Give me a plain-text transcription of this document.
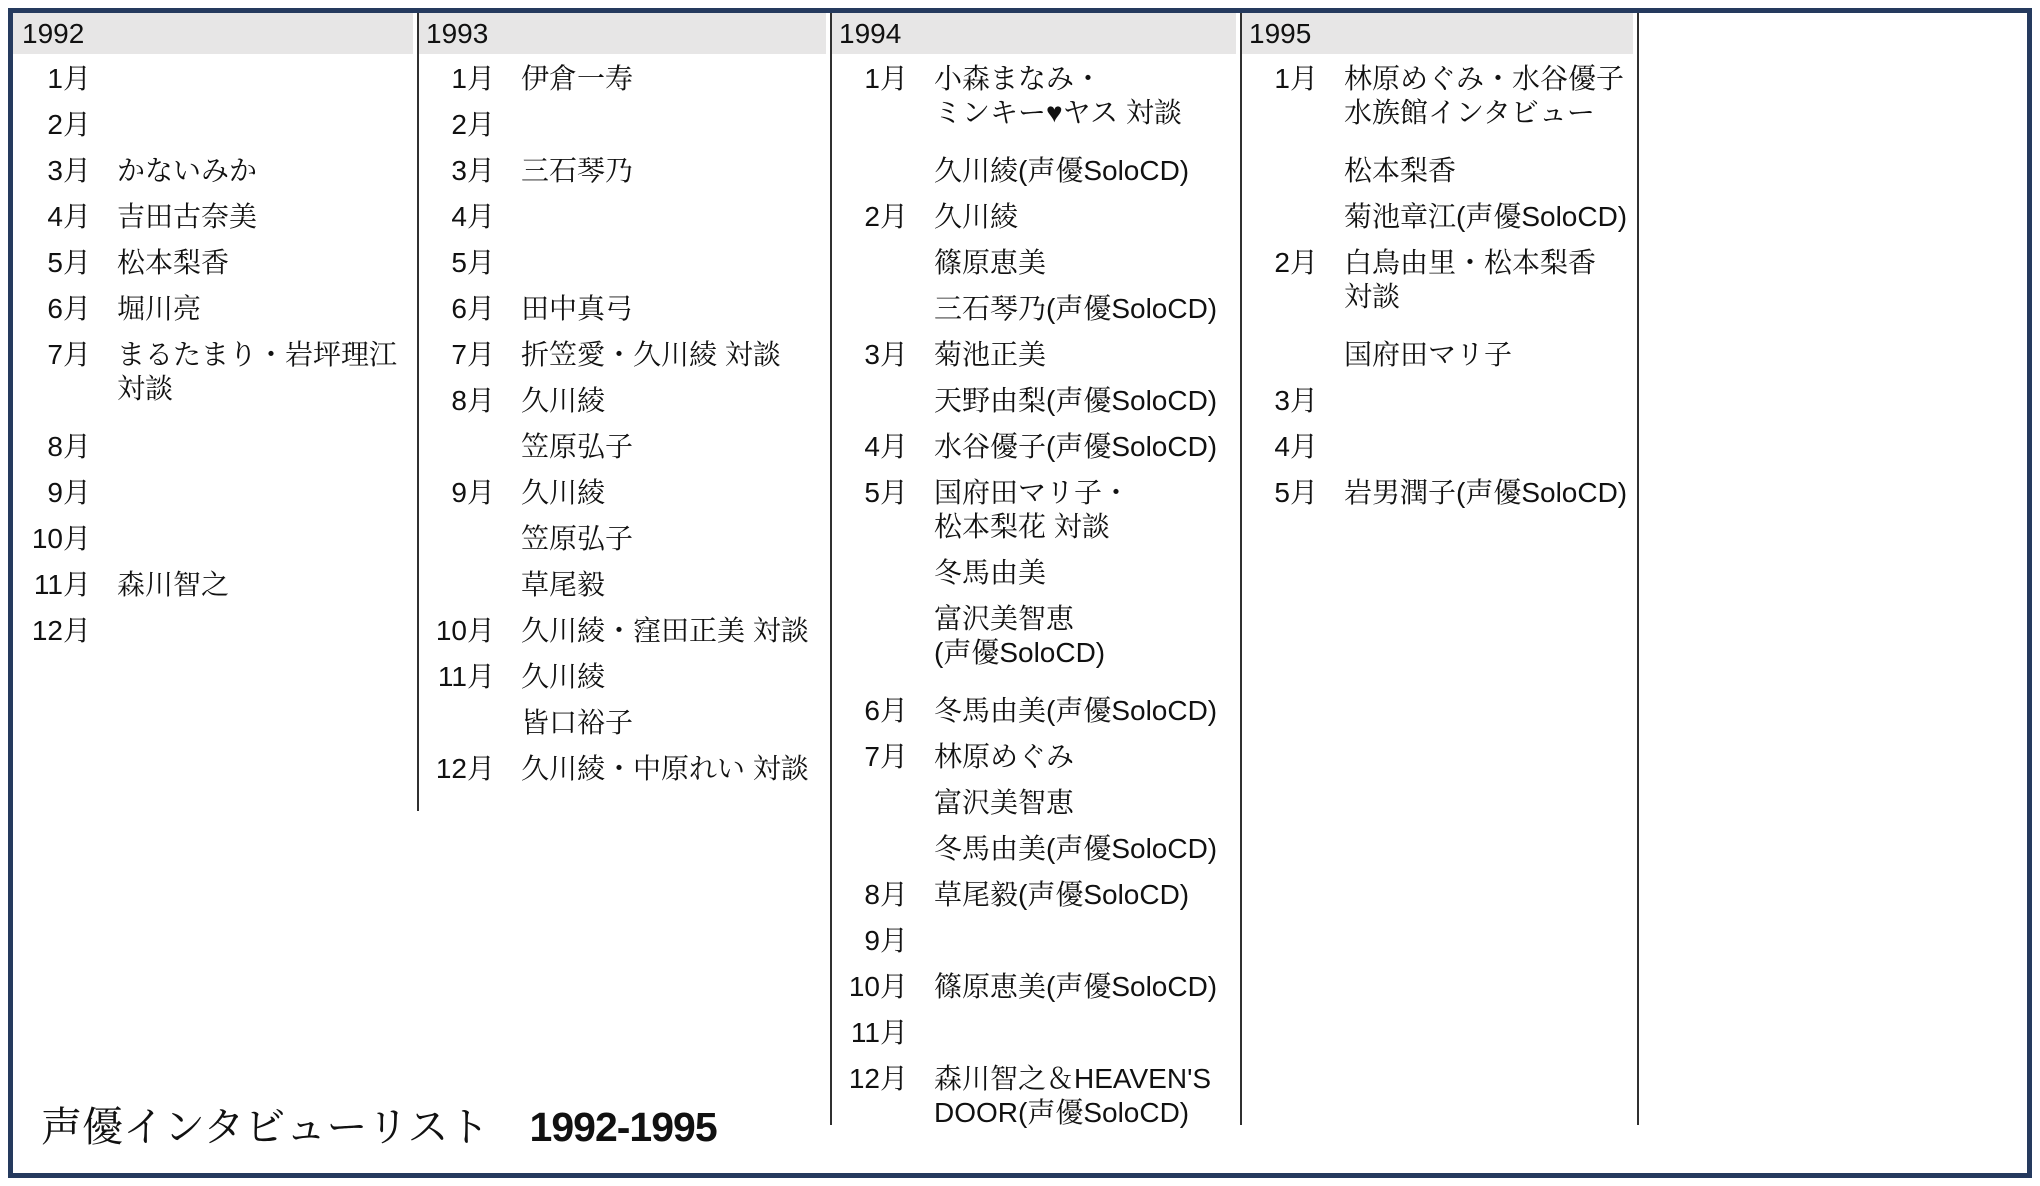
1992
1月
2月
3月 かないみか
4月 吉田古奈美
5月 松本梨香
6月 堀川亮
7月 まるたまり・岩坪理江
対談
8月
9月
10月
11月 森川智之
12月
1993
1月 伊倉一寿
2月
3月 三石琴乃
4月
5月
6月 田中真弓
7月 折笠愛・久川綾 対談
8月 久川綾
笠原弘子
9月 久川綾
笠原弘子
草尾毅
10月 久川綾・窪田正美 対談
11月 久川綾
皆口裕子
12月 久川綾・中原れい 対談
1994
1月 小森まなみ・
ミンキー♥ヤス 対談
久川綾(声優SoloCD)
2月 久川綾
篠原恵美
三石琴乃(声優SoloCD)
3月 菊池正美
天野由梨(声優SoloCD)
4月 水谷優子(声優SoloCD)
5月 国府田マリ子・
松本梨花 対談
冬馬由美
富沢美智恵
(声優SoloCD)
6月 冬馬由美(声優SoloCD)
7月 林原めぐみ
富沢美智恵
冬馬由美(声優SoloCD)
8月 草尾毅(声優SoloCD)
9月
10月 篠原恵美(声優SoloCD)
11月
12月 森川智之＆HEAVEN'S
DOOR(声優SoloCD)
1995
1月 林原めぐみ・水谷優子
水族館インタビュー
松本梨香
菊池章江(声優SoloCD)
2月 白鳥由里・松本梨香
対談
国府田マリ子
3月
4月
5月 岩男潤子(声優SoloCD)
声優インタビューリスト 1992-1995
